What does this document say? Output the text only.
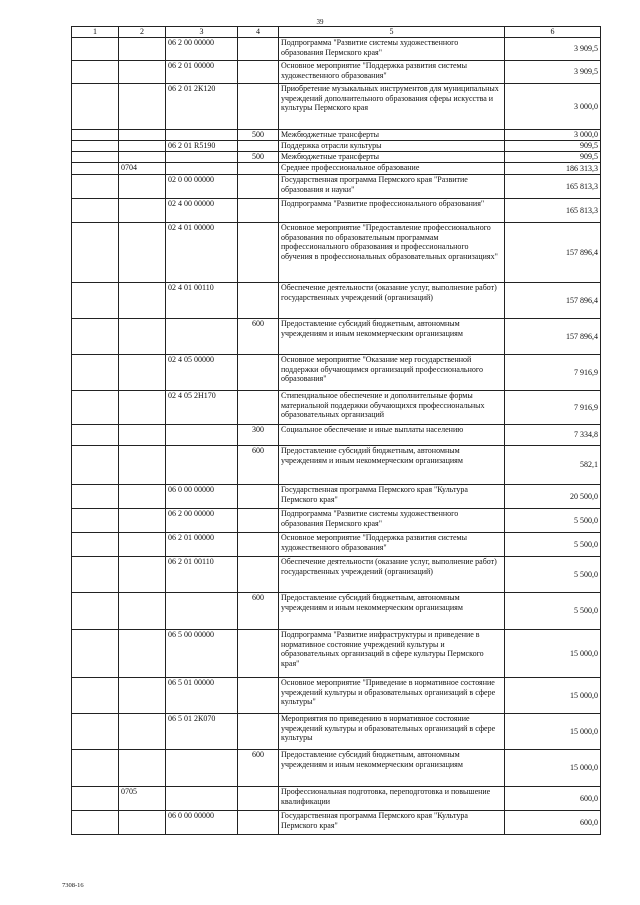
39
1	2	3	4	5	6
		06 2 00 00000		Подпрограмма "Развитие системы художественного образования Пермского края"	3 909,5
		06 2 01 00000		Основное мероприятие "Поддержка развития системы художественного образования"	3 909,5
		06 2 01 2К120		Приобретение музыкальных инструментов для муниципальных учреждений дополнительного образования сферы искусства и культуры Пермского края	3 000,0
			500	Межбюджетные трансферты	3 000,0
		06 2 01 R5190		Поддержка отрасли культуры	909,5
			500	Межбюджетные трансферты	909,5
	0704			Среднее профессиональное образование	186 313,3
		02 0 00 00000		Государственная программа Пермского края "Развитие образования и науки"	165 813,3
		02 4 00 00000		Подпрограмма "Развитие профессионального образования"	165 813,3
		02 4 01 00000		Основное мероприятие "Предоставление профессионального образования по образовательным программам профессионального образования и профессионального обучения в профессиональных образовательных организациях"	157 896,4
		02 4 01 00110		Обеспечение деятельности (оказание услуг, выполнение работ) государственных учреждений (организаций)	157 896,4
			600	Предоставление субсидий бюджетным, автономным учреждениям и иным некоммерческим организациям	157 896,4
		02 4 05 00000		Основное мероприятие "Оказание мер государственной поддержки обучающимся организаций профессионального образования"	7 916,9
		02 4 05 2Н170		Стипендиальное обеспечение и дополнительные формы материальной поддержки обучающихся профессиональных образовательных организаций	7 916,9
			300	Социальное обеспечение и иные выплаты населению	7 334,8
			600	Предоставление субсидий бюджетным, автономным учреждениям и иным некоммерческим организациям	582,1
		06 0 00 00000		Государственная программа Пермского края "Культура Пермского края"	20 500,0
		06 2 00 00000		Подпрограмма "Развитие системы художественного образования Пермского края"	5 500,0
		06 2 01 00000		Основное мероприятие "Поддержка развития системы художественного образования"	5 500,0
		06 2 01 00110		Обеспечение деятельности (оказание услуг, выполнение работ) государственных учреждений (организаций)	5 500,0
			600	Предоставление субсидий бюджетным, автономным учреждениям и иным некоммерческим организациям	5 500,0
		06 5 00 00000		Подпрограмма "Развитие инфраструктуры и приведение в нормативное состояние учреждений культуры и образовательных организаций в сфере культуры Пермского края"	15 000,0
		06 5 01 00000		Основное мероприятие "Приведение в нормативное состояние учреждений культуры и образовательных организаций в сфере культуры"	15 000,0
		06 5 01 2К070		Мероприятия по приведению в нормативное состояние учреждений культуры и образовательных организаций в сфере культуры	15 000,0
			600	Предоставление субсидий бюджетным, автономным учреждениям и иным некоммерческим организациям	15 000,0
	0705			Профессиональная подготовка, переподготовка и повышение квалификации	600,0
		06 0 00 00000		Государственная программа Пермского края "Культура Пермского края"	600,0
7308-16
